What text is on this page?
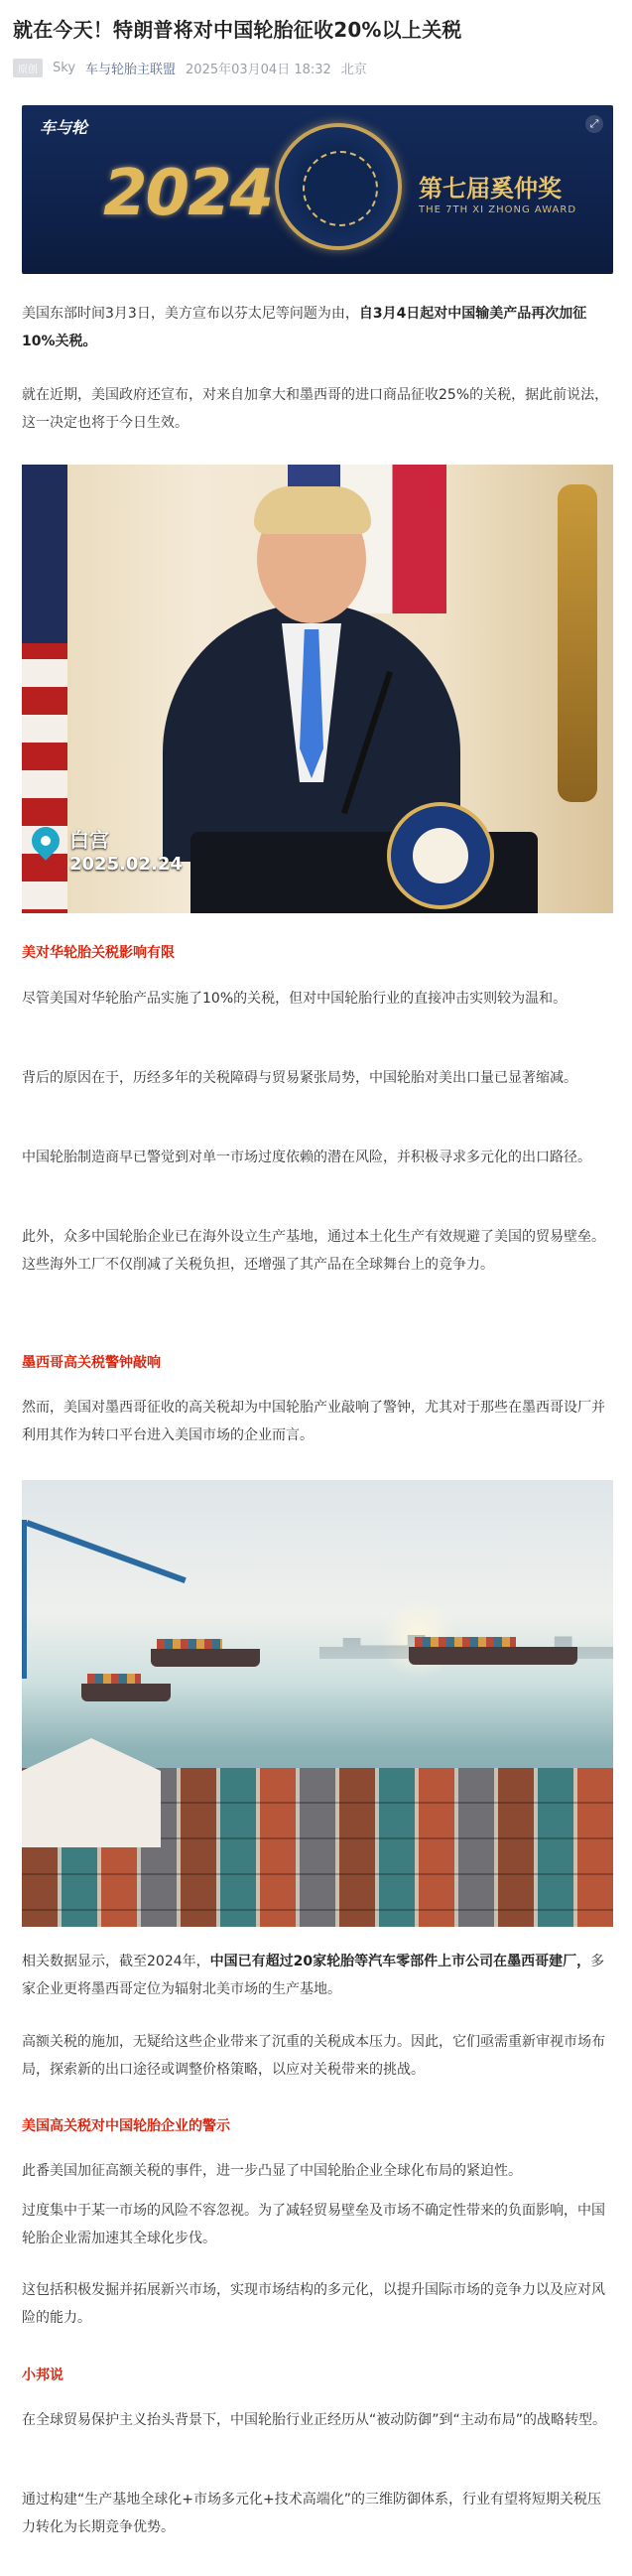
就在今天！特朗普将对中国轮胎征收20%以上关税
原创	Sky 车与轮胎主联盟 2025年03月04日 18:32 北京
车与轮	⤢
2024	第七届奚仲奖
THE 7TH XI ZHONG AWARD
美国东部时间3月3日，美方宣布以芬太尼等问题为由，自3月4日起对中国输美产品再次加征10%关税。
就在近期，美国政府还宣布，对来自加拿大和墨西哥的进口商品征收25%的关税，据此前说法，这一决定也将于今日生效。
白宫
2025.02.24
美对华轮胎关税影响有限
尽管美国对华轮胎产品实施了10%的关税，但对中国轮胎行业的直接冲击实则较为温和。
背后的原因在于，历经多年的关税障碍与贸易紧张局势，中国轮胎对美出口量已显著缩减。
中国轮胎制造商早已警觉到对单一市场过度依赖的潜在风险，并积极寻求多元化的出口路径。
此外，众多中国轮胎企业已在海外设立生产基地，通过本土化生产有效规避了美国的贸易壁垒。这些海外工厂不仅削减了关税负担，还增强了其产品在全球舞台上的竞争力。
墨西哥高关税警钟敲响
然而，美国对墨西哥征收的高关税却为中国轮胎产业敲响了警钟，尤其对于那些在墨西哥设厂并利用其作为转口平台进入美国市场的企业而言。
相关数据显示，截至2024年，中国已有超过20家轮胎等汽车零部件上市公司在墨西哥建厂，多家企业更将墨西哥定位为辐射北美市场的生产基地。
高额关税的施加，无疑给这些企业带来了沉重的关税成本压力。因此，它们亟需重新审视市场布局，探索新的出口途径或调整价格策略，以应对关税带来的挑战。
美国高关税对中国轮胎企业的警示
此番美国加征高额关税的事件，进一步凸显了中国轮胎企业全球化布局的紧迫性。
过度集中于某一市场的风险不容忽视。为了减轻贸易壁垒及市场不确定性带来的负面影响，中国轮胎企业需加速其全球化步伐。
这包括积极发掘并拓展新兴市场，实现市场结构的多元化，以提升国际市场的竞争力以及应对风险的能力。
小邦说
在全球贸易保护主义抬头背景下，中国轮胎行业正经历从“被动防御”到“主动布局”的战略转型。
通过构建“生产基地全球化+市场多元化+技术高端化”的三维防御体系，行业有望将短期关税压力转化为长期竞争优势。
